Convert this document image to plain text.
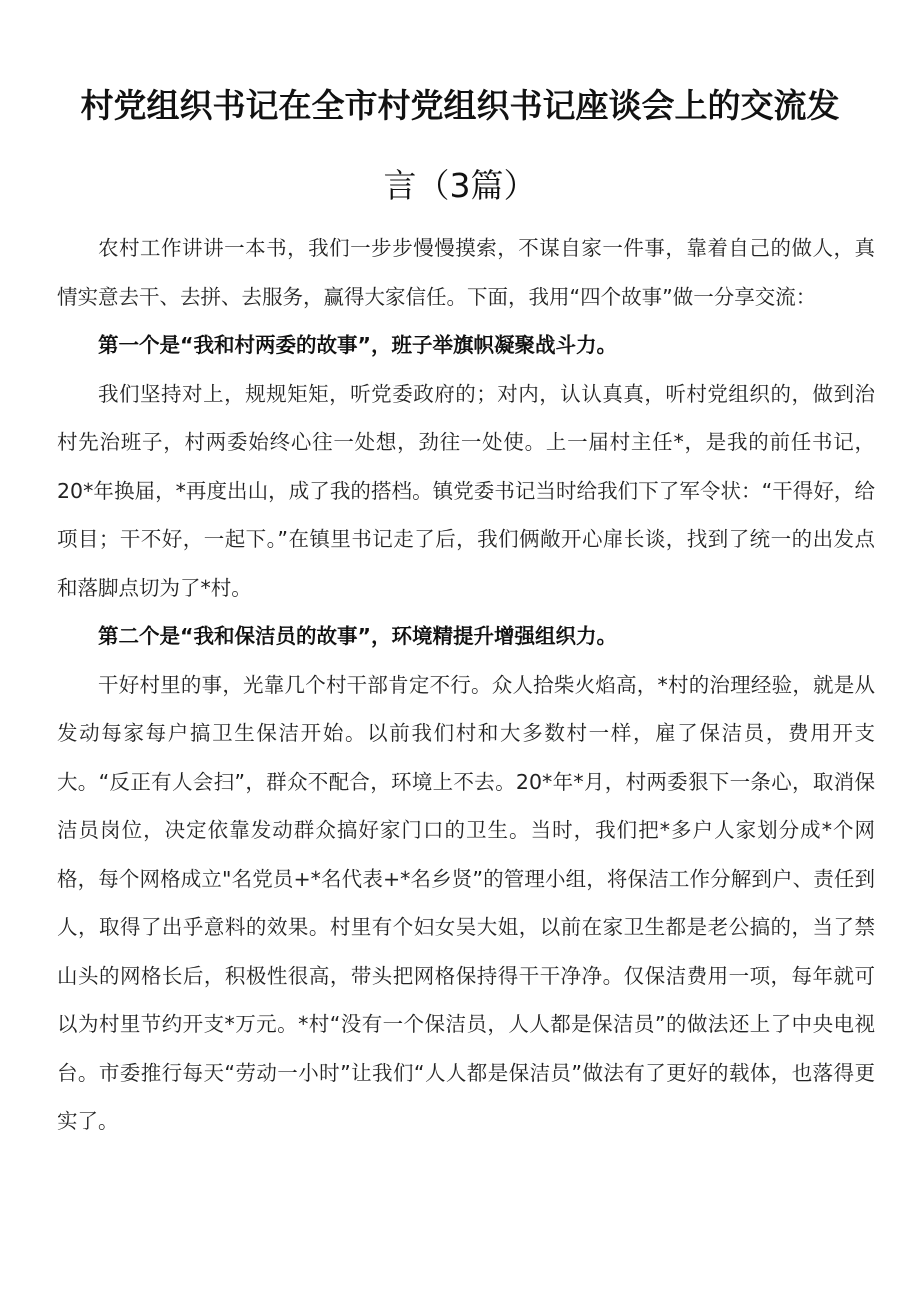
村党组织书记在全市村党组织书记座谈会上的交流发
言（3篇）

农村工作讲讲一本书，我们一步步慢慢摸索，不谋自家一件事，靠着自己的做人，真情实意去干、去拼、去服务，赢得大家信任。下面，我用“四个故事”做一分享交流：

第一个是“我和村两委的故事”，班子举旗帜凝聚战斗力。

我们坚持对上，规规矩矩，听党委政府的；对内，认认真真，听村党组织的，做到治村先治班子，村两委始终心往一处想，劲往一处使。上一届村主任*，是我的前任书记，20*年换届，*再度出山，成了我的搭档。镇党委书记当时给我们下了军令状：“干得好，给项目；干不好，一起下。”在镇里书记走了后，我们俩敞开心扉长谈，找到了统一的出发点和落脚点切为了*村。

第二个是“我和保洁员的故事”，环境精提升增强组织力。

干好村里的事，光靠几个村干部肯定不行。众人拾柴火焰高，*村的治理经验，就是从发动每家每户搞卫生保洁开始。以前我们村和大多数村一样，雇了保洁员，费用开支大。“反正有人会扫”，群众不配合，环境上不去。20*年*月，村两委狠下一条心，取消保洁员岗位，决定依靠发动群众搞好家门口的卫生。当时，我们把*多户人家划分成*个网格，每个网格成立"名党员+*名代表+*名乡贤”的管理小组，将保洁工作分解到户、责任到人，取得了出乎意料的效果。村里有个妇女吴大姐，以前在家卫生都是老公搞的，当了禁山头的网格长后，积极性很高，带头把网格保持得干干净净。仅保洁费用一项，每年就可以为村里节约开支*万元。*村“没有一个保洁员，人人都是保洁员”的做法还上了中央电视台。市委推行每天“劳动一小时”让我们“人人都是保洁员”做法有了更好的载体，也落得更实了。
